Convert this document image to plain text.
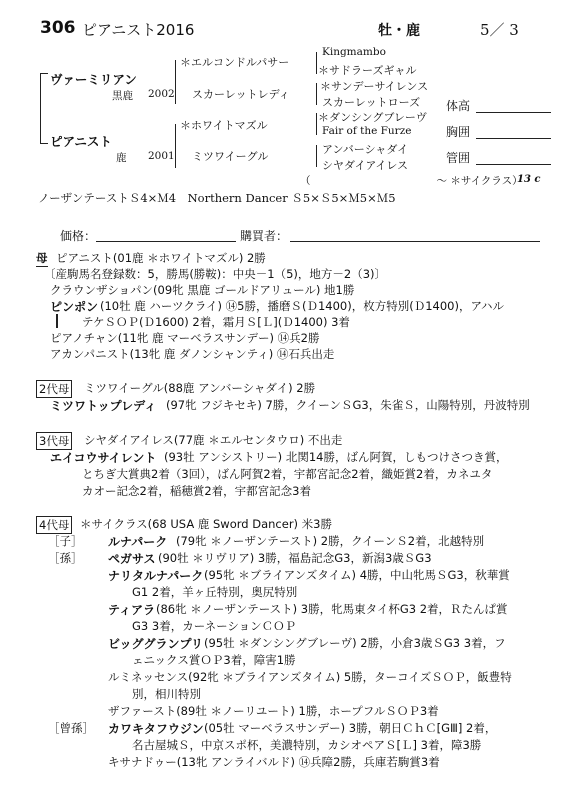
306 ピアニスト2016	牡・鹿	5／ 3
ヴァーミリアン
黒鹿 2002
＊エルコンドルパサー
スカーレットレディ
Kingmambo
＊サドラーズギャル
＊サンデーサイレンス
スカーレットローズ
ピアニスト
鹿 2001
＊ホワイトマズル
ミツワイーグル
＊ダンシングブレーヴ
Fair of the Furze
アンバーシャダイ
シヤダイアイレス
体高
胸囲
管囲
（　　　　　　　　　　　　～ ＊サイクラス）
13 c
ノーザンテーストＳ4×Ｍ4　Northern Dancer Ｓ5×Ｓ5×Ｍ5×Ｍ5
価格：	購買者：
母 ピアニスト(01鹿 ＊ホワイトマズル) 2勝
〔産駒馬名登録数：5，勝馬(勝鞍)：中央－1（5)，地方－2（3)〕
クラウンザショパン(09牝 黒鹿 ゴールドアリュール) 地1勝
ピンポン (10牡 鹿 ハーツクライ) ⑭5勝，播磨Ｓ(Ｄ1400)，枚方特別(Ｄ1400)，アハル
テケＳＯＰ(Ｄ1600) 2着，霜月Ｓ[Ｌ](Ｄ1400) 3着
ピアノチャン(11牝 鹿 マーベラスサンデー) ⑭兵2勝
アカンパニスト(13牝 鹿 ダノンシャンティ) ⑭石兵出走
2代母 ミツワイーグル(88鹿 アンバーシャダイ) 2勝
ミツワトップレディ (97牝 フジキセキ) 7勝，クイーンＳG3，朱雀Ｓ，山陽特別，丹波特別
3代母 シヤダイアイレス(77鹿 ＊エルセンタウロ) 不出走
エイコウサイレント (93牡 アンシストリー) 北関14勝，ばん阿賀，しもつけさつき賞，
とちぎ大賞典2着（3回），ばん阿賀2着，宇都宮記念2着，織姫賞2着，カネユタ
カオー記念2着，稲穂賞2着，宇都宮記念3着
4代母 ＊サイクラス(68 USA 鹿 Sword Dancer) 米3勝
［子］ ルナパーク (79牝 ＊ノーザンテースト) 2勝，クイーンＳ2着，北越特別
［孫］ ペガサス (90牡 ＊リヴリア) 3勝，福島記念G3，新潟3歳ＳG3
ナリタルナパーク (95牝 ＊ブライアンズタイム) 4勝，中山牝馬ＳG3，秋華賞
G1 2着，羊ヶ丘特別，奥尻特別
ティアラ (86牝 ＊ノーザンテースト) 3勝，牝馬東タイ杯G3 2着，Ｒたんぱ賞
G3 3着，カーネーションＣＯＰ
ビッググランプリ (95牡 ＊ダンシングブレーヴ) 2勝，小倉3歳ＳG3 3着，フ
ェニックス賞ＯＰ3着，障害1勝
ルミネッセンス(92牝 ＊ブライアンズタイム) 5勝，ターコイズＳＯＰ，飯豊特
別，相川特別
ザファースト(89牡 ＊ノーリユート) 1勝，ホープフルＳＯＰ3着
［曾孫］ カワキタフウジン (05牡 マーベラスサンデー) 3勝，朝日ＣｈＣ[GⅢ] 2着，
名古屋城Ｓ，中京スポ杯，美濃特別，カシオペアＳ[Ｌ] 3着，障3勝
キサナドゥー(13牝 アンライバルド) ⑭兵障2勝，兵庫若駒賞3着
